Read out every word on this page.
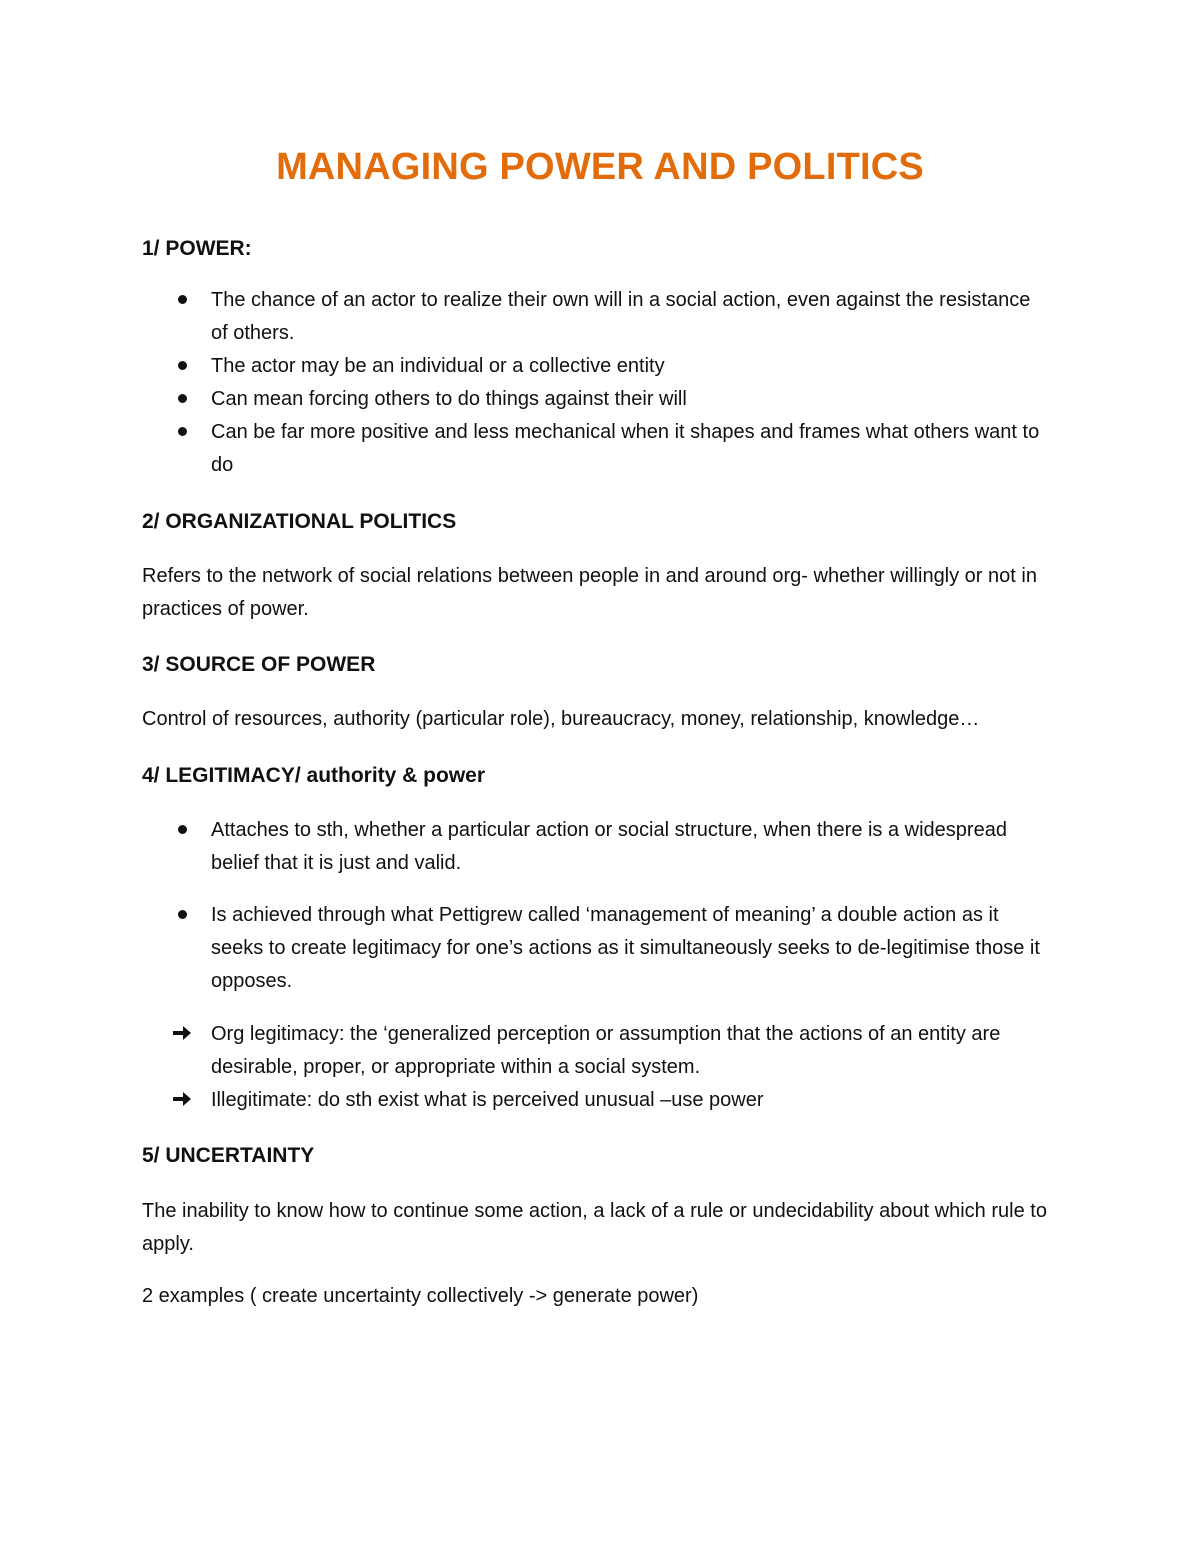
MANAGING POWER AND POLITICS
1/ POWER:
The chance of an actor to realize their own will in a social action, even against the resistance of others.
The actor may be an individual or a collective entity
Can mean forcing others to do things against their will
Can be far more positive and less mechanical when it shapes and frames what others want to do
2/ ORGANIZATIONAL POLITICS

Refers to the network of social relations between people in and around org- whether willingly or not in practices of power.

3/ SOURCE OF POWER

Control of resources, authority (particular role), bureaucracy, money, relationship, knowledge…

4/ LEGITIMACY/ authority & power
Attaches to sth, whether a particular action or social structure, when there is a widespread belief that it is just and valid.
Is achieved through what Pettigrew called ‘management of meaning’ a double action as it seeks to create legitimacy for one’s actions as it simultaneously seeks to de-legitimise those it opposes.
Org legitimacy: the ‘generalized perception or assumption that the actions of an entity are desirable, proper, or appropriate within a social system.
Illegitimate: do sth exist what is perceived unusual –use power
5/ UNCERTAINTY

The inability to know how to continue some action, a lack of a rule or undecidability about which rule to apply.

2 examples ( create uncertainty collectively -> generate power)
